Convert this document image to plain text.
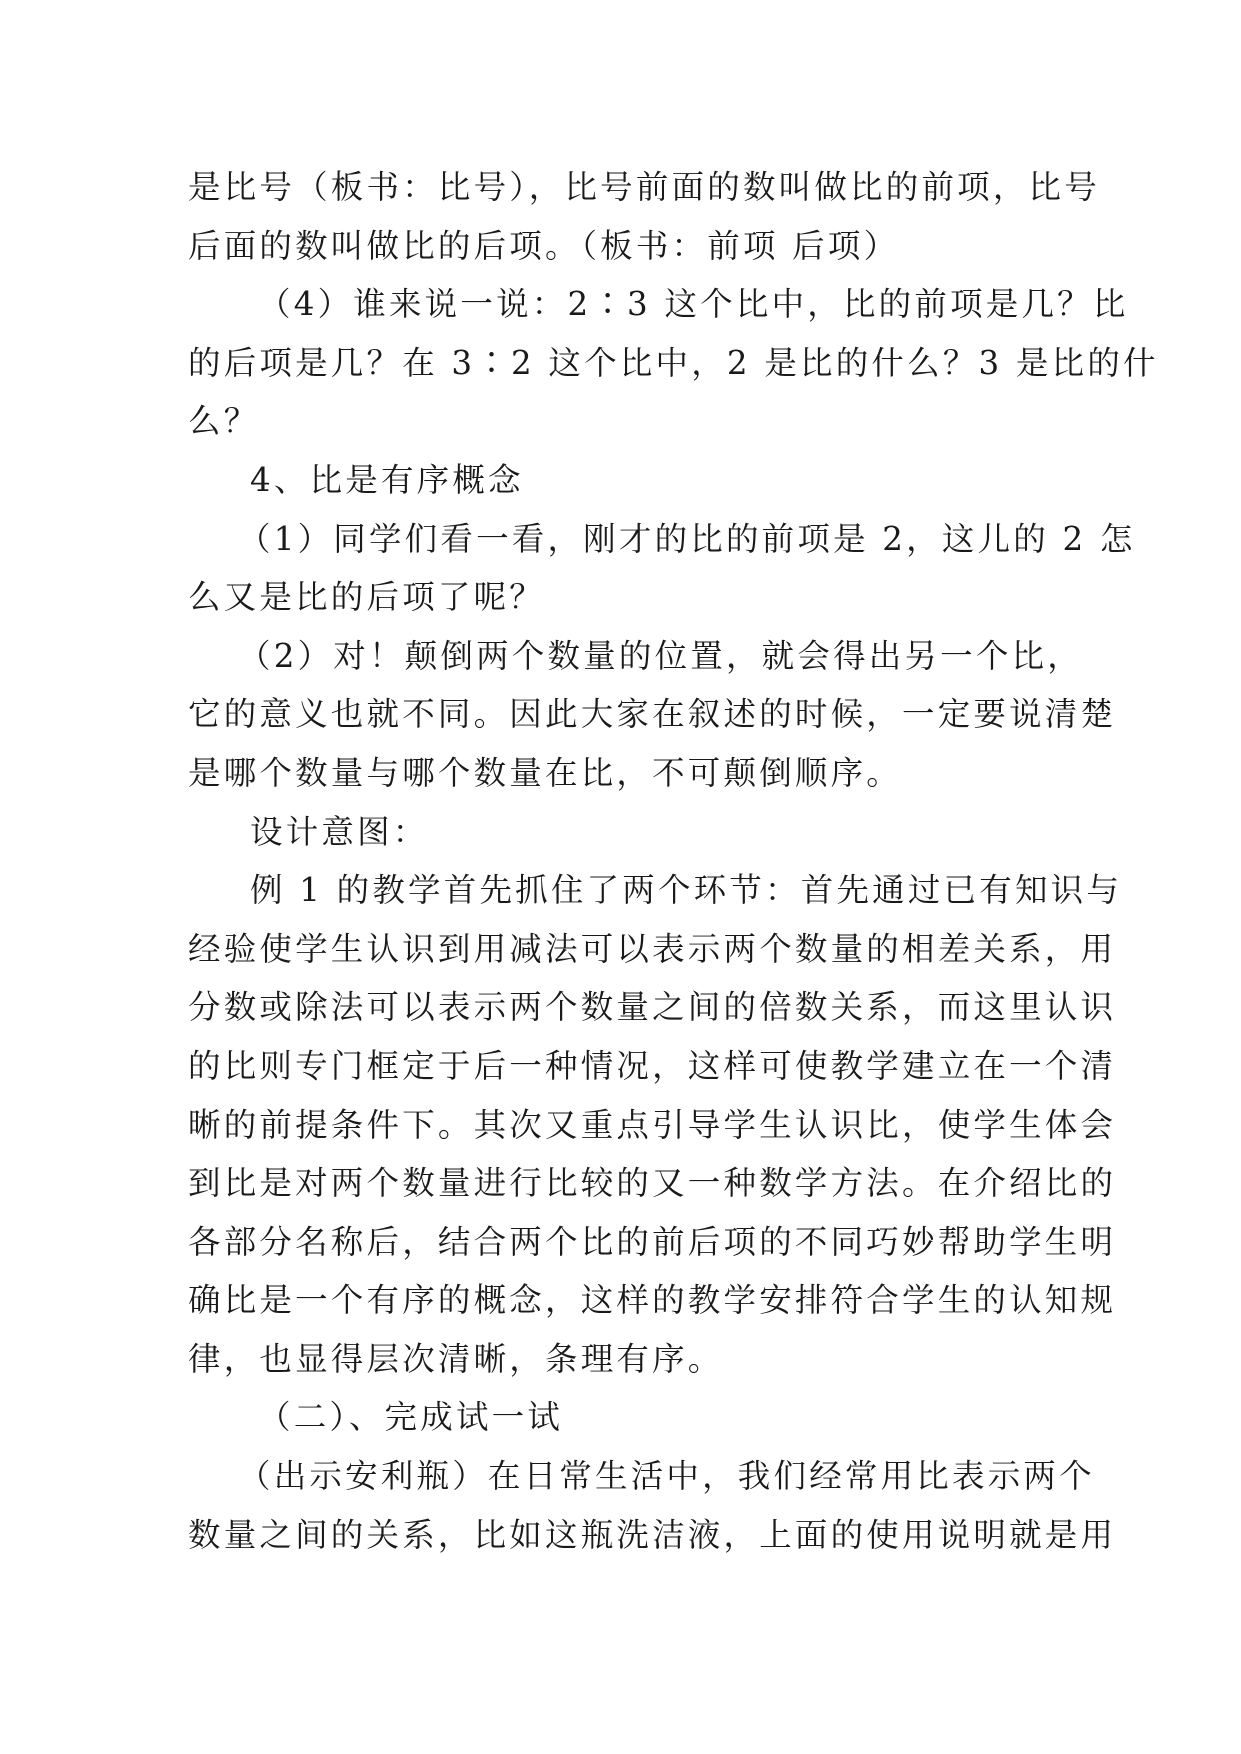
是比号（板书：比号），比号前面的数叫做比的前项，比号
后面的数叫做比的后项。（板书：前项 后项）
（4）谁来说一说：2∶3 这个比中，比的前项是几？比
的后项是几？在 3∶2 这个比中，2 是比的什么？3 是比的什
么？
4、比是有序概念
（1）同学们看一看，刚才的比的前项是 2，这儿的 2 怎
么又是比的后项了呢？
（2）对！颠倒两个数量的位置，就会得出另一个比，
它的意义也就不同。因此大家在叙述的时候，一定要说清楚
是哪个数量与哪个数量在比，不可颠倒顺序。
设计意图：
例 1 的教学首先抓住了两个环节：首先通过已有知识与
经验使学生认识到用减法可以表示两个数量的相差关系，用
分数或除法可以表示两个数量之间的倍数关系，而这里认识
的比则专门框定于后一种情况，这样可使教学建立在一个清
晰的前提条件下。其次又重点引导学生认识比，使学生体会
到比是对两个数量进行比较的又一种数学方法。在介绍比的
各部分名称后，结合两个比的前后项的不同巧妙帮助学生明
确比是一个有序的概念，这样的教学安排符合学生的认知规
律，也显得层次清晰，条理有序。
（二）、完成试一试
（出示安利瓶）在日常生活中，我们经常用比表示两个
数量之间的关系，比如这瓶洗洁液，上面的使用说明就是用
